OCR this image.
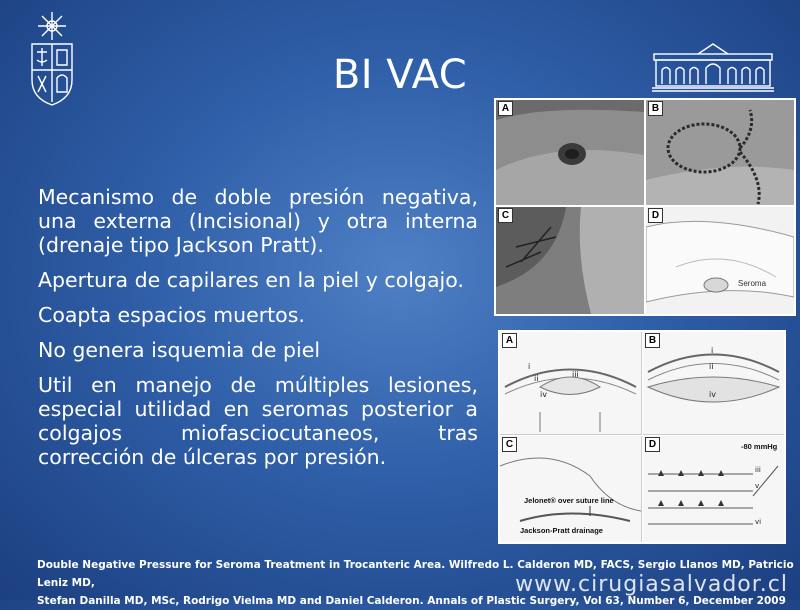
BI VAC
Mecanismo de doble presión negativa, una externa (Incisional) y otra interna (drenaje tipo Jackson Pratt).
Apertura de capilares en la piel y colgajo.
Coapta espacios muertos.
No genera isquemia de piel
Util en manejo de múltiples lesiones, especial utilidad en seromas posterior a colgajos miofasciocutaneos, tras corrección de úlceras por presión.
A	B
C	D
Seroma
A
i
ii	iii
iv
B
i
ii
iv
C
Jelonet® over suture line
Jackson-Pratt drainage
D	-80 mmHg
iii
v
vi
Double Negative Pressure for Seroma Treatment in Trocanteric Area. Wilfredo L. Calderon MD, FACS, Sergio Llanos MD, Patricio Leniz MD,
Stefan Danilla MD, MSc, Rodrigo Vielma MD and Daniel Calderon. Annals of Plastic Surgery, Vol 63, Number 6, December 2009
www.cirugiasalvador.cl
